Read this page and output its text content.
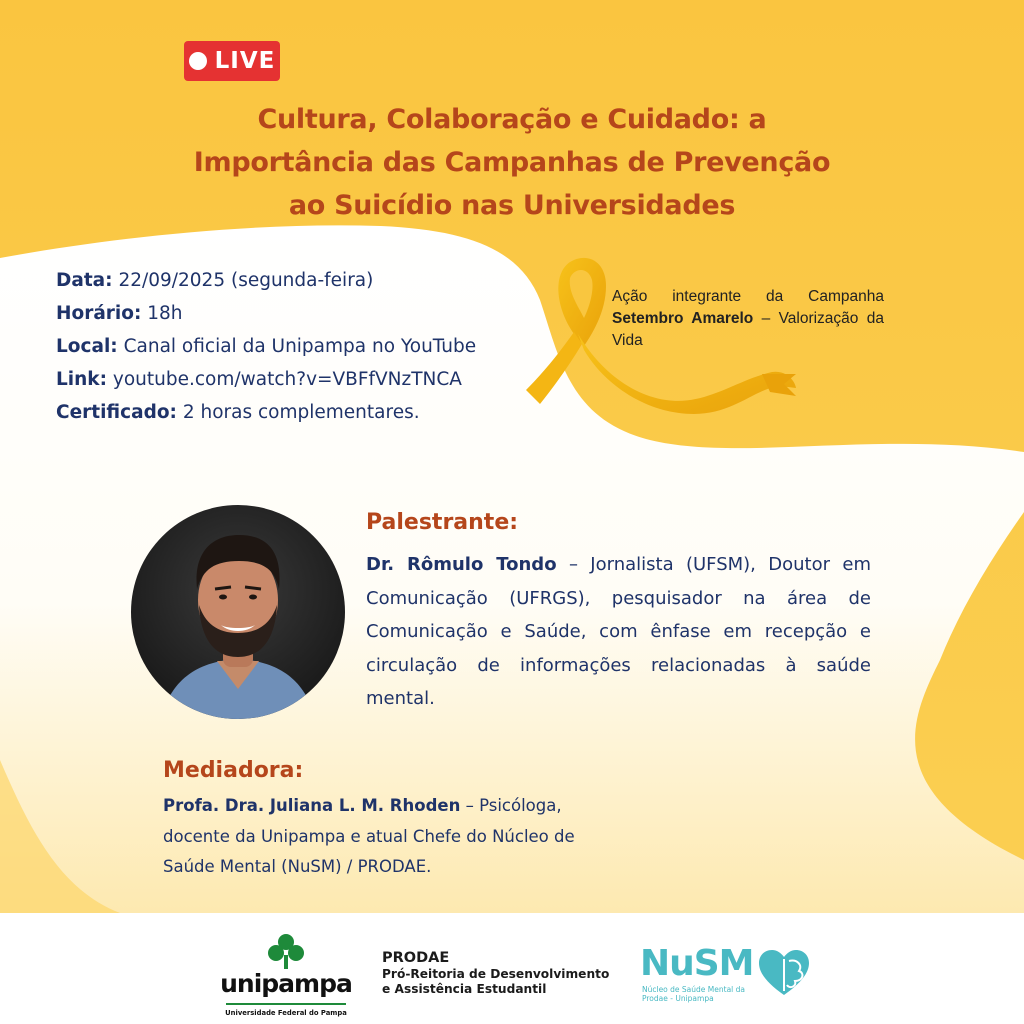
LIVE
Cultura, Colaboração e Cuidado: a
Importância das Campanhas de Prevenção
ao Suicídio nas Universidades
Data: 22/09/2025 (segunda-feira)
Horário: 18h
Local: Canal oficial da Unipampa no YouTube
Link: youtube.com/watch?v=VBFfVNzTNCA
Certificado: 2 horas complementares.
Ação integrante da Campanha Setembro Amarelo – Valorização da Vida
Palestrante:
Dr. Rômulo Tondo – Jornalista (UFSM), Doutor em Comunicação (UFRGS), pesquisador na área de Comunicação e Saúde, com ênfase em recepção e circulação de informações relacionadas à saúde mental.
Mediadora:
Profa. Dra. Juliana L. M. Rhoden – Psicóloga, docente da Unipampa e atual Chefe do Núcleo de Saúde Mental (NuSM) / PRODAE.
unipampa
Universidade Federal do Pampa
PRODAE
Pró-Reitoria de Desenvolvimento
e Assistência Estudantil
NuSM
Núcleo de Saúde Mental da Prodae - Unipampa
